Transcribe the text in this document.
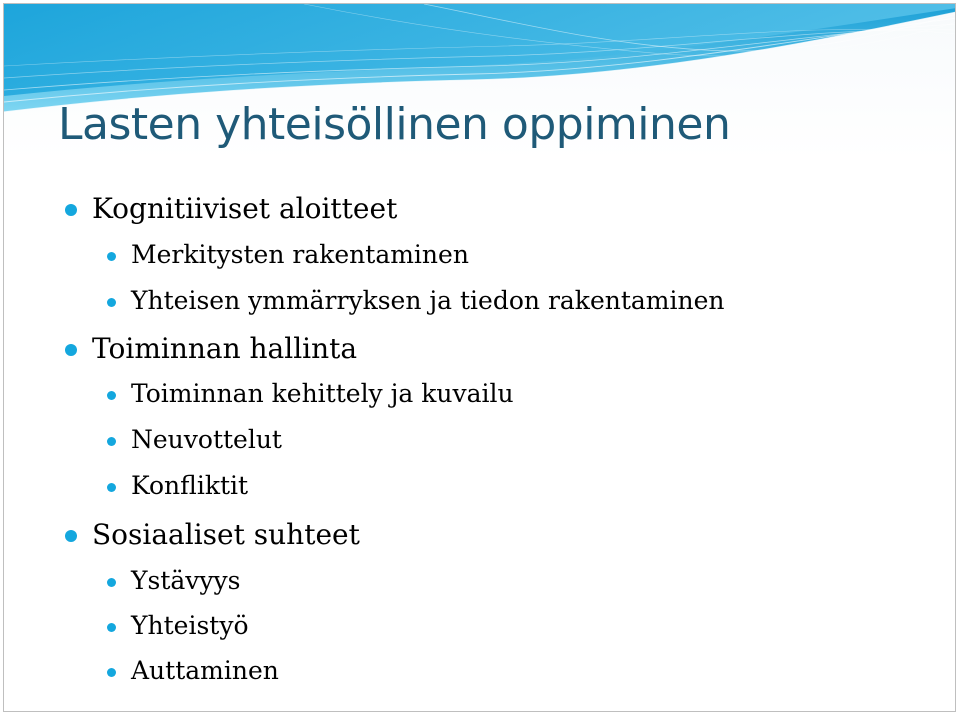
Lasten yhteisöllinen oppiminen
Kognitiiviset aloitteet
Merkitysten rakentaminen
Yhteisen ymmärryksen ja tiedon rakentaminen
Toiminnan hallinta
Toiminnan kehittely ja kuvailu
Neuvottelut
Konfliktit
Sosiaaliset suhteet
Ystävyys
Yhteistyö
Auttaminen
